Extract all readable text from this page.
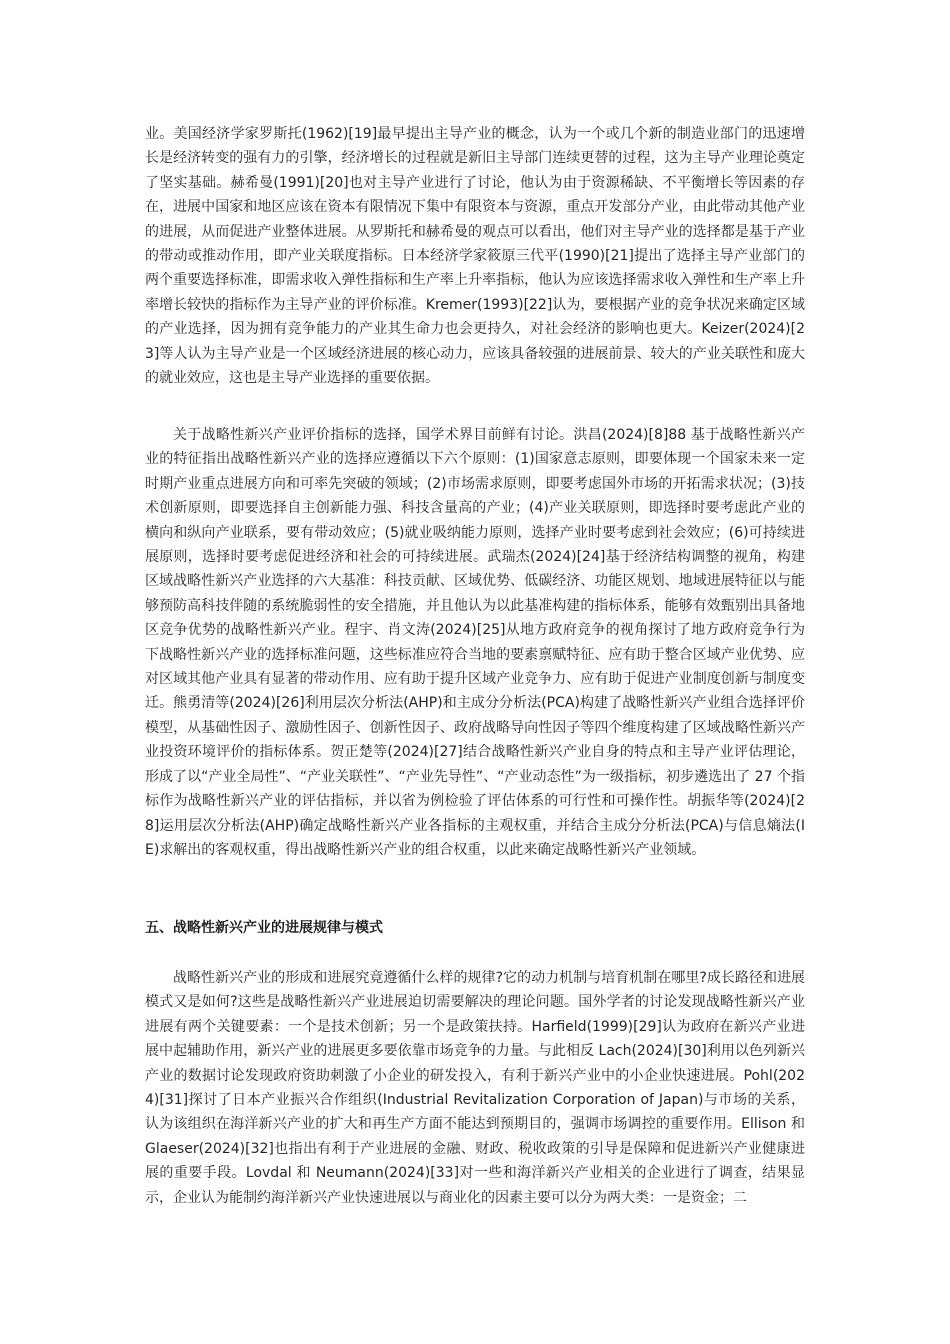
业。美国经济学家罗斯托(1962)[19]最早提出主导产业的概念，认为一个或几个新的制造业部门的迅速增长是经济转变的强有力的引擎，经济增长的过程就是新旧主导部门连续更替的过程，这为主导产业理论奠定了坚实基础。赫希曼(1991)[20]也对主导产业进行了讨论，他认为由于资源稀缺、不平衡增长等因素的存在，进展中国家和地区应该在资本有限情况下集中有限资本与资源，重点开发部分产业，由此带动其他产业的进展，从而促进产业整体进展。从罗斯托和赫希曼的观点可以看出，他们对主导产业的选择都是基于产业的带动或推动作用，即产业关联度指标。日本经济学家筱原三代平(1990)[21]提出了选择主导产业部门的两个重要选择标准，即需求收入弹性指标和生产率上升率指标，他认为应该选择需求收入弹性和生产率上升率增长较快的指标作为主导产业的评价标准。Kremer(1993)[22]认为，要根据产业的竞争状况来确定区域的产业选择，因为拥有竞争能力的产业其生命力也会更持久，对社会经济的影响也更大。Keizer(2024)[23]等人认为主导产业是一个区域经济进展的核心动力，应该具备较强的进展前景、较大的产业关联性和庞大的就业效应，这也是主导产业选择的重要依据。

关于战略性新兴产业评价指标的选择，国学术界目前鲜有讨论。洪昌(2024)[8]88 基于战略性新兴产业的特征指出战略性新兴产业的选择应遵循以下六个原则：(1)国家意志原则，即要体现一个国家未来一定时期产业重点进展方向和可率先突破的领域；(2)市场需求原则，即要考虑国外市场的开拓需求状况；(3)技术创新原则，即要选择自主创新能力强、科技含量高的产业；(4)产业关联原则，即选择时要考虑此产业的横向和纵向产业联系，要有带动效应；(5)就业吸纳能力原则，选择产业时要考虑到社会效应；(6)可持续进展原则，选择时要考虑促进经济和社会的可持续进展。武瑞杰(2024)[24]基于经济结构调整的视角，构建区域战略性新兴产业选择的六大基准：科技贡献、区域优势、低碳经济、功能区规划、地域进展特征以与能够预防高科技伴随的系统脆弱性的安全措施，并且他认为以此基准构建的指标体系，能够有效甄别出具备地区竞争优势的战略性新兴产业。程宇、肖文涛(2024)[25]从地方政府竞争的视角探讨了地方政府竞争行为下战略性新兴产业的选择标准问题，这些标准应符合当地的要素禀赋特征、应有助于整合区域产业优势、应对区域其他产业具有显著的带动作用、应有助于提升区域产业竞争力、应有助于促进产业制度创新与制度变迁。熊勇清等(2024)[26]利用层次分析法(AHP)和主成分分析法(PCA)构建了战略性新兴产业组合选择评价模型，从基础性因子、激励性因子、创新性因子、政府战略导向性因子等四个维度构建了区域战略性新兴产业投资环境评价的指标体系。贺正楚等(2024)[27]结合战略性新兴产业自身的特点和主导产业评估理论，形成了以“产业全局性”、“产业关联性”、“产业先导性”、“产业动态性”为一级指标，初步遴选出了 27 个指标作为战略性新兴产业的评估指标，并以省为例检验了评估体系的可行性和可操作性。胡振华等(2024)[28]运用层次分析法(AHP)确定战略性新兴产业各指标的主观权重，并结合主成分分析法(PCA)与信息熵法(IE)求解出的客观权重，得出战略性新兴产业的组合权重，以此来确定战略性新兴产业领域。

五、战略性新兴产业的进展规律与模式

战略性新兴产业的形成和进展究竟遵循什么样的规律?它的动力机制与培育机制在哪里?成长路径和进展模式又是如何?这些是战略性新兴产业进展迫切需要解决的理论问题。国外学者的讨论发现战略性新兴产业进展有两个关键要素：一个是技术创新；另一个是政策扶持。Harfield(1999)[29]认为政府在新兴产业进展中起辅助作用，新兴产业的进展更多要依靠市场竞争的力量。与此相反 Lach(2024)[30]利用以色列新兴产业的数据讨论发现政府资助刺激了小企业的研发投入，有利于新兴产业中的小企业快速进展。Pohl(2024)[31]探讨了日本产业振兴合作组织(Industrial Revitalization Corporation of Japan)与市场的关系，认为该组织在海洋新兴产业的扩大和再生产方面不能达到预期目的，强调市场调控的重要作用。Ellison 和 Glaeser(2024)[32]也指出有利于产业进展的金融、财政、税收政策的引导是保障和促进新兴产业健康进展的重要手段。Lovdal 和 Neumann(2024)[33]对一些和海洋新兴产业相关的企业进行了调查，结果显示，企业认为能制约海洋新兴产业快速进展以与商业化的因素主要可以分为两大类：一是资金；二
